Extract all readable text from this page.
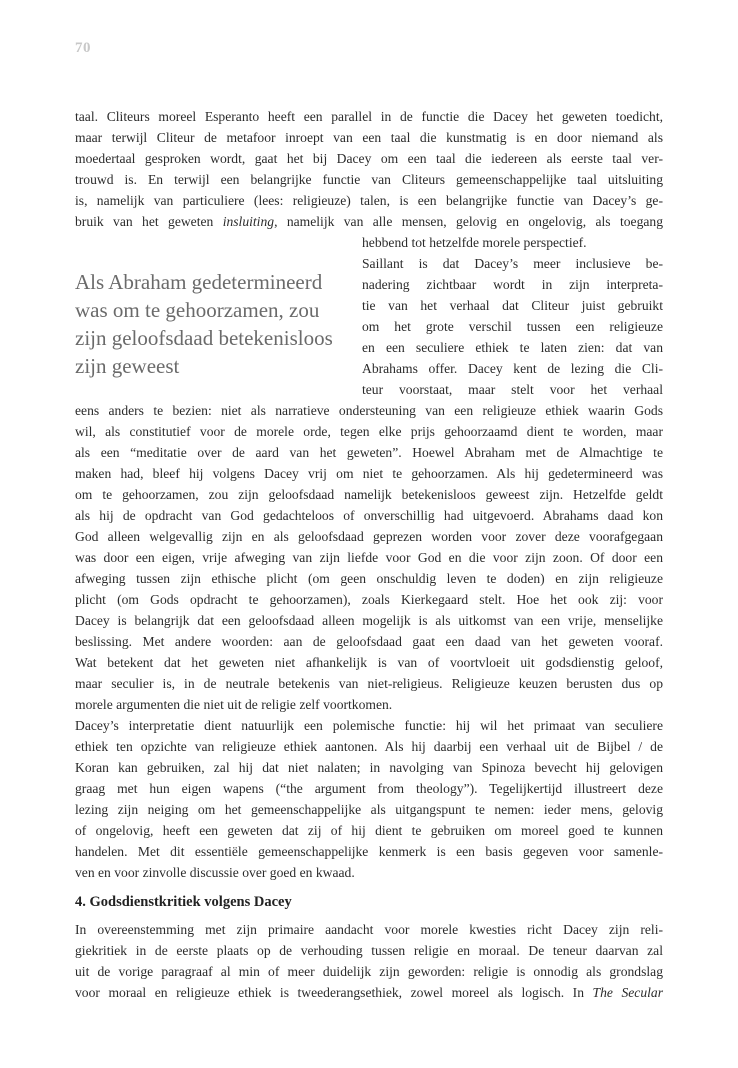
70
taal. Cliteurs moreel Esperanto heeft een parallel in de functie die Dacey het geweten toedicht,
maar terwijl Cliteur de metafoor inroept van een taal die kunstmatig is en door niemand als
moedertaal gesproken wordt, gaat het bij Dacey om een taal die iedereen als eerste taal ver-
trouwd is. En terwijl een belangrijke functie van Cliteurs gemeenschappelijke taal uitsluiting
is, namelijk van particuliere (lees: religieuze) talen, is een belangrijke functie van Dacey’s ge-
bruik van het geweten insluiting, namelijk van alle mensen, gelovig en ongelovig, als toegang
hebbend tot hetzelfde morele perspectief.
Saillant is dat Dacey’s meer inclusieve be-
nadering zichtbaar wordt in zijn interpreta-
tie van het verhaal dat Cliteur juist gebruikt
om het grote verschil tussen een religieuze
en een seculiere ethiek te laten zien: dat van
Abrahams offer. Dacey kent de lezing die Cli-
teur voorstaat, maar stelt voor het verhaal
Als Abraham gedetermineerd
was om te gehoorzamen, zou
zijn geloofsdaad betekenisloos
zijn geweest
eens anders te bezien: niet als narratieve ondersteuning van een religieuze ethiek waarin Gods
wil, als constitutief voor de morele orde, tegen elke prijs gehoorzaamd dient te worden, maar
als een “meditatie over de aard van het geweten”. Hoewel Abraham met de Almachtige te
maken had, bleef hij volgens Dacey vrij om niet te gehoorzamen. Als hij gedetermineerd was
om te gehoorzamen, zou zijn geloofsdaad namelijk betekenisloos geweest zijn. Hetzelfde geldt
als hij de opdracht van God gedachteloos of onverschillig had uitgevoerd. Abrahams daad kon
God alleen welgevallig zijn en als geloofsdaad geprezen worden voor zover deze voorafgegaan
was door een eigen, vrije afweging van zijn liefde voor God en die voor zijn zoon. Of door een
afweging tussen zijn ethische plicht (om geen onschuldig leven te doden) en zijn religieuze
plicht (om Gods opdracht te gehoorzamen), zoals Kierkegaard stelt. Hoe het ook zij: voor
Dacey is belangrijk dat een geloofsdaad alleen mogelijk is als uitkomst van een vrije, menselijke
beslissing. Met andere woorden: aan de geloofsdaad gaat een daad van het geweten vooraf.
Wat betekent dat het geweten niet afhankelijk is van of voortvloeit uit godsdienstig geloof,
maar seculier is, in de neutrale betekenis van niet-religieus. Religieuze keuzen berusten dus op
morele argumenten die niet uit de religie zelf voortkomen.
Dacey’s interpretatie dient natuurlijk een polemische functie: hij wil het primaat van seculiere
ethiek ten opzichte van religieuze ethiek aantonen. Als hij daarbij een verhaal uit de Bijbel / de
Koran kan gebruiken, zal hij dat niet nalaten; in navolging van Spinoza bevecht hij gelovigen
graag met hun eigen wapens (“the argument from theology”). Tegelijkertijd illustreert deze
lezing zijn neiging om het gemeenschappelijke als uitgangspunt te nemen: ieder mens, gelovig
of ongelovig, heeft een geweten dat zij of hij dient te gebruiken om moreel goed te kunnen
handelen. Met dit essentiële gemeenschappelijke kenmerk is een basis gegeven voor samenle-
ven en voor zinvolle discussie over goed en kwaad.
4. Godsdienstkritiek volgens Dacey
In overeenstemming met zijn primaire aandacht voor morele kwesties richt Dacey zijn reli-
giekritiek in de eerste plaats op de verhouding tussen religie en moraal. De teneur daarvan zal
uit de vorige paragraaf al min of meer duidelijk zijn geworden: religie is onnodig als grondslag
voor moraal en religieuze ethiek is tweederangsethiek, zowel moreel als logisch. In The Secular
